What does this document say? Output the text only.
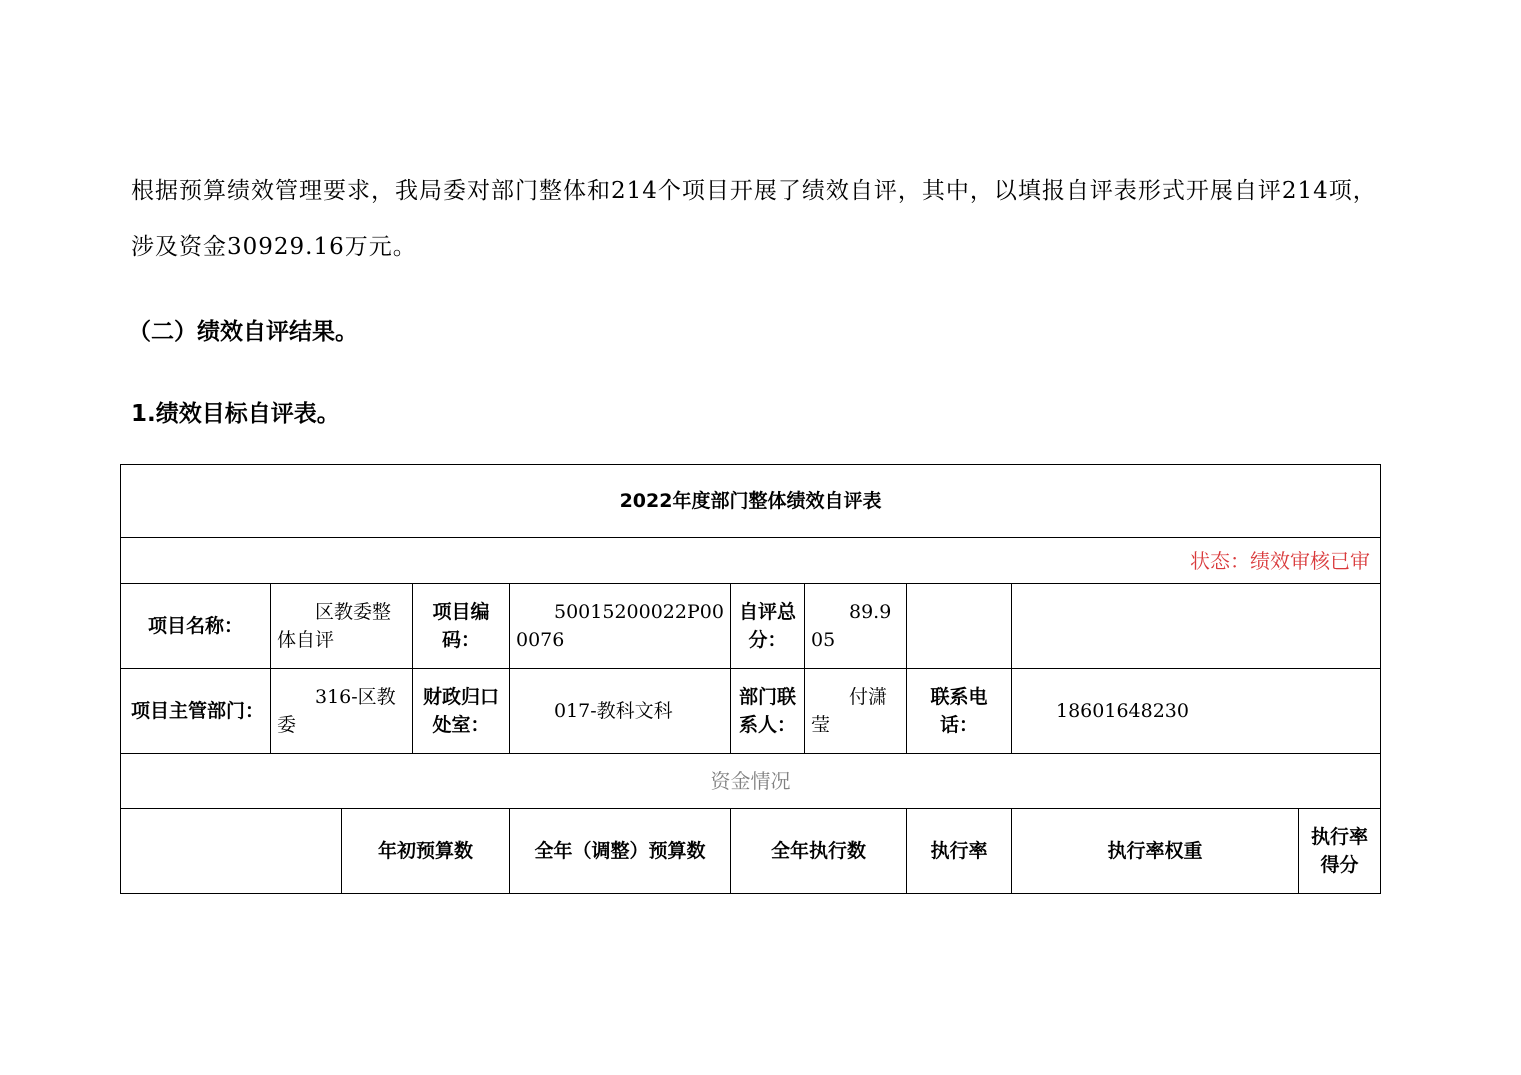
根据预算绩效管理要求，我局委对部门整体和214个项目开展了绩效自评，其中，以填报自评表形式开展自评214项，涉及资金30929.16万元。

（二）绩效自评结果。

1.绩效目标自评表。

2022年度部门整体绩效自评表									
状态：绩效审核已审									
项目名称：	区教委整体自评		项目编码：	50015200022P000076	自评总分：	89.905			
项目主管部门：	316-区教委		财政归口处室：	017-教科文科	部门联系人：	付潇莹	联系电话：	18601648230	
资金情况									
		年初预算数		全年（调整）预算数	全年执行数		执行率	执行率权重	执行率得分
